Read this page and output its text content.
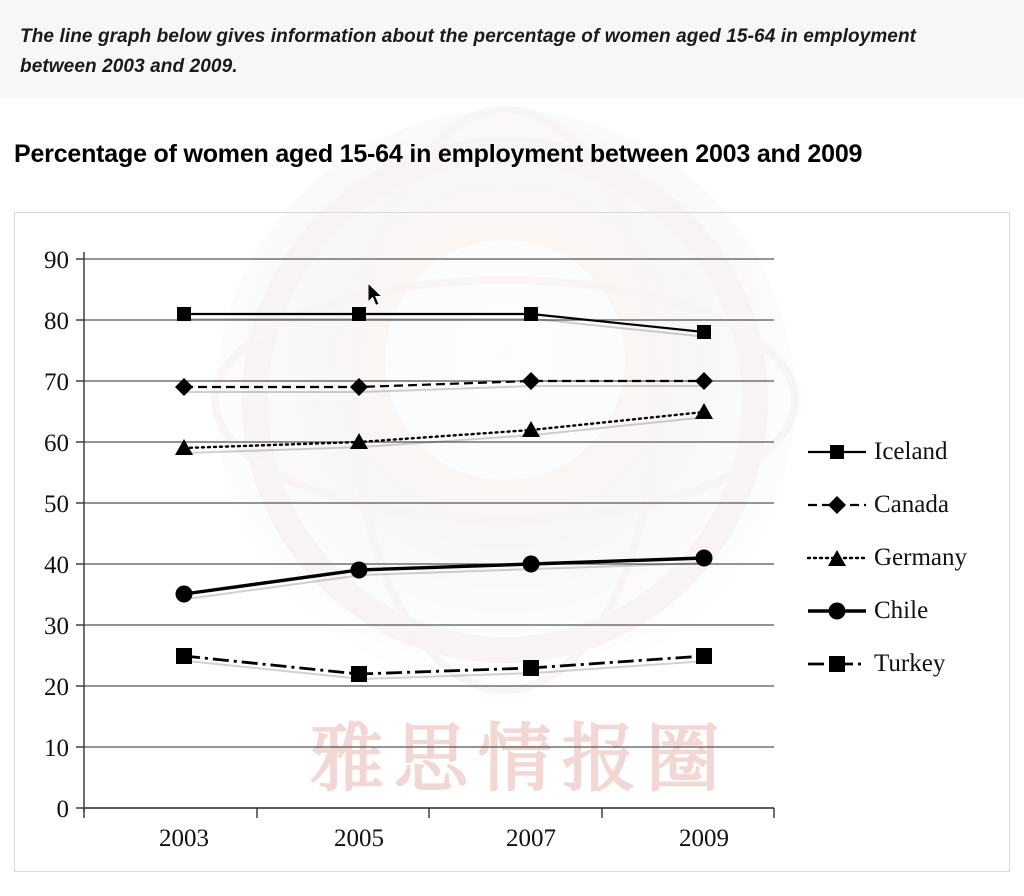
The line graph below gives information about the percentage of women aged 15-64 in employment between 2003 and 2009.
雅思情报圈
Percentage of women aged 15-64 in employment between 2003 and 2009
90
80
70
60
50
40
30
20
10
0
2003	2005	2007	2009
Iceland
Canada
Germany
Chile
Turkey
